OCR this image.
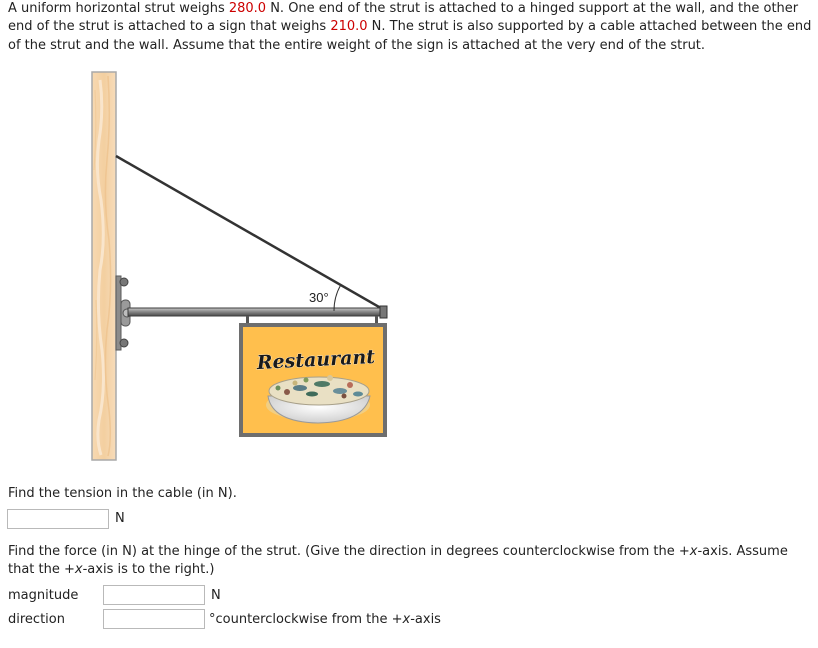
A uniform horizontal strut weighs 280.0 N. One end of the strut is attached to a hinged support at the wall, and the other end of the strut is attached to a sign that weighs 210.0 N. The strut is also supported by a cable attached between the end of the strut and the wall. Assume that the entire weight of the sign is attached at the very end of the strut.

30°
Restaurant
Find the tension in the cable (in N).
N
Find the force (in N) at the hinge of the strut. (Give the direction in degrees counterclockwise from the +x-axis. Assume that the +x-axis is to the right.)
magnitude	N
direction	°counterclockwise from the +x-axis
